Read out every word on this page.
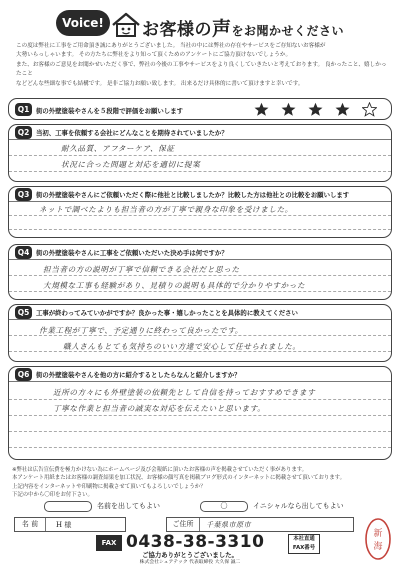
Voice!	お客様の声をお聞かせください

この度は弊社に工事をご用命頂き誠にありがとうございました。 当社の中には弊社の存在やサービスをご存知ないお客様が

大勢いらっしゃいます。 その方たちに弊社をより知って頂くためのアンケートにご協力頂けないでしょうか。

また、お客様のご意見をお聞かせいただく事で、弊社の今後の工事やサービスをより良くしていきたいと考えております。 良かったこと、嬉しかったこと

などどんな些細な事でも結構です。 是非ご協力お願い致します。 出来るだけ具体的に書いて頂けますと幸いです。

Q1	街の外壁塗装やさんを５段階で評価をお願いします
Q2	当初、工事を依頼する会社にどんなことを期待されていましたか？
耐久品質、アフターケア、保証
状況に合った問題と対応を適切に提案
Q3	街の外壁塗装やさんにご依頼いただく際に他社と比較しましたか？比較した方は他社との比較をお願いします
ネットで調べたよりも担当者の方が丁寧で親身な印象を受けました。
Q4	街の外壁塗装やさんに工事をご依頼いただいた決め手は何ですか？
担当者の方の説明が丁寧で信頼できる会社だと思った
大規模な工事も経験があり、見積りの説明も具体的で分かりやすかった
Q5	工事が終わってみていかがですか？良かった事・嬉しかったことを具体的に教えてください
作業工程が丁寧で、予定通りに終わって良かったです。
職人さんもとても気持ちのいい方達で安心して任せられました。
Q6	街の外壁塗装やさんを他の方に紹介するとしたらなんと紹介しますか？
近所の方々にも外壁塗装の依頼先として自信を持っておすすめできます
丁寧な作業と担当者の誠実な対応を伝えたいと思います。

※弊社は広告宣伝費を極力かけない為にホームページ及び会報紙に頂いたお客様の声を掲載させていただく事があります。

本アンケート用紙またはお客様の調査結果を加工状況、お客様の顔写真を掲載ブログ形式のインターネットに掲載させて頂いております。

上記内容をインターネットや印刷物に掲載させて頂いてもよろしいでしょうか？

下記の中から〇印をお付下さい。

名前を出してもよい	〇	イニシャルなら出してもよい
名 前	H 様	ご住所	千葉県市原市
FAX 0438-38-3310	本社直通
FAX番号
ご協力ありがとうございました。
株式会社シュアテック 代表取締役 大久保 誠二
新
海
